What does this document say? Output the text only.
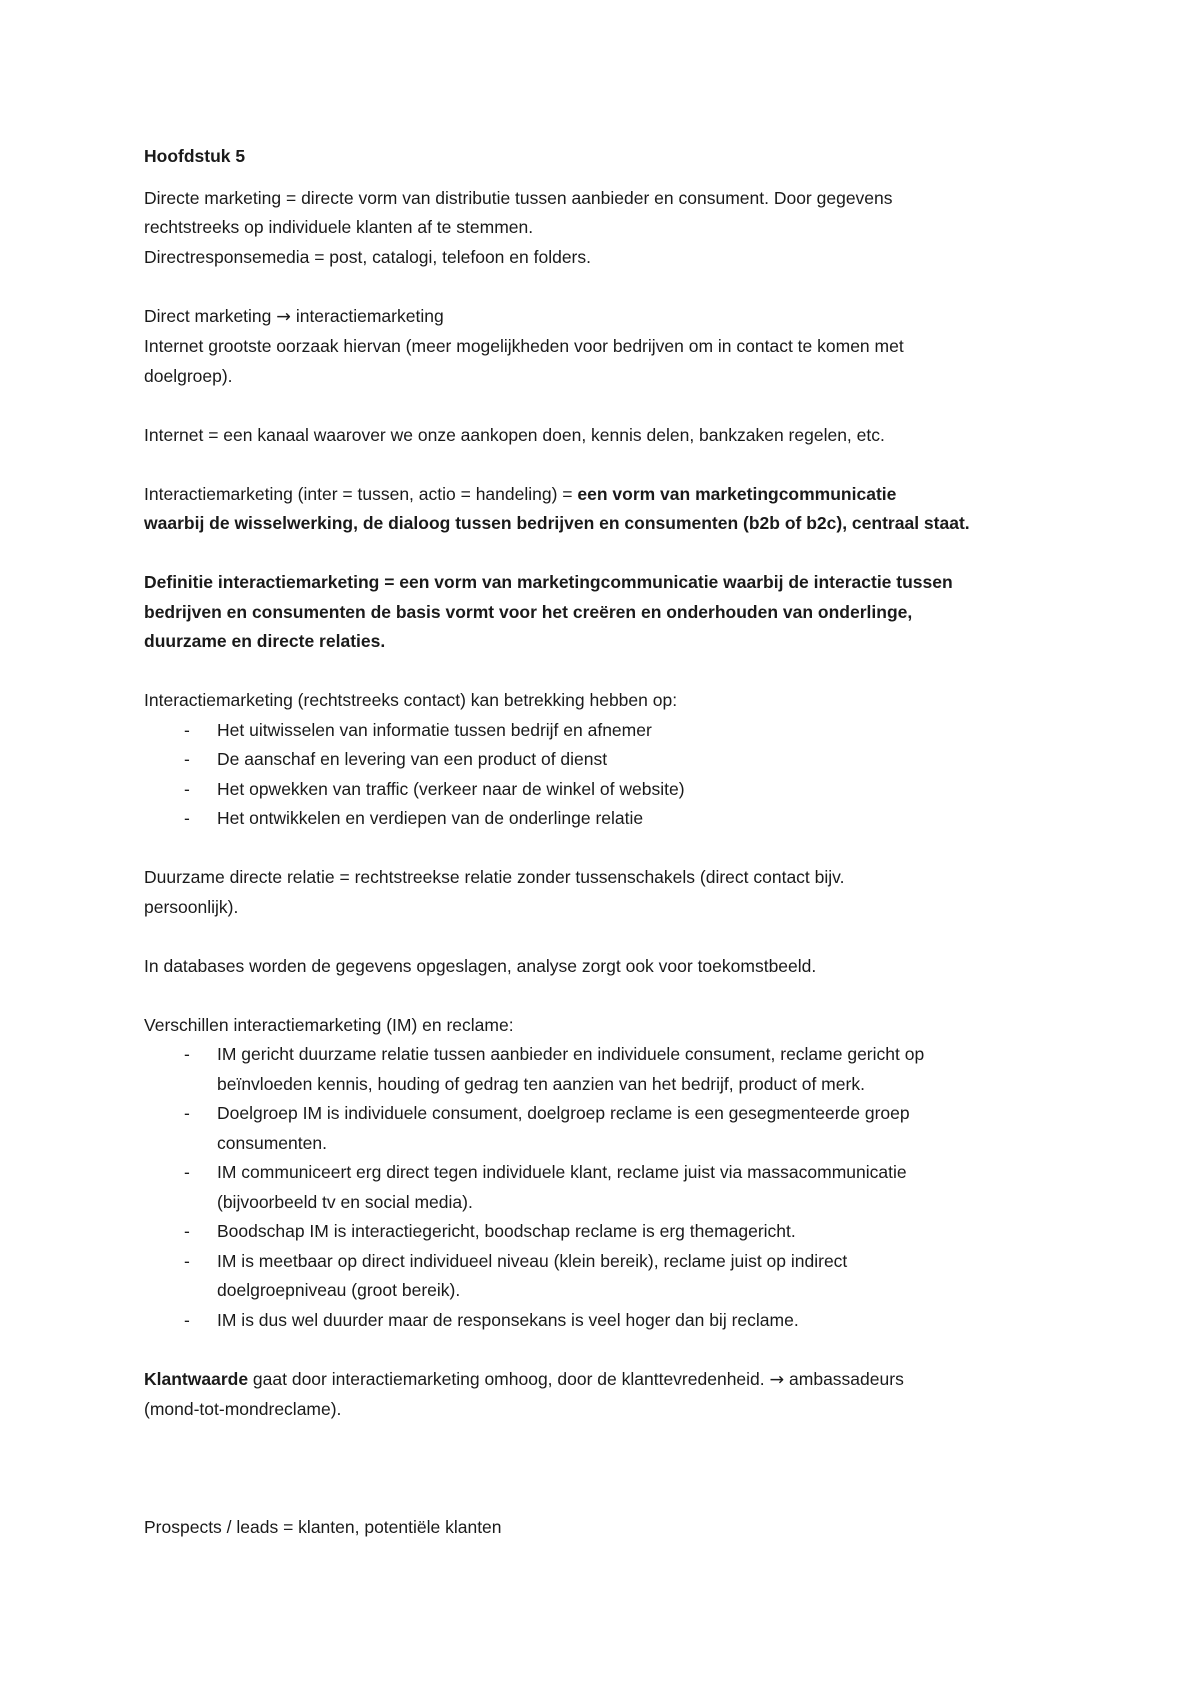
Hoofdstuk 5

Directe marketing = directe vorm van distributie tussen aanbieder en consument. Door gegevens

rechtstreeks op individuele klanten af te stemmen.

Directresponsemedia = post, catalogi, telefoon en folders.

Direct marketing → interactiemarketing

Internet grootste oorzaak hiervan (meer mogelijkheden voor bedrijven om in contact te komen met

doelgroep).

Internet = een kanaal waarover we onze aankopen doen, kennis delen, bankzaken regelen, etc.

Interactiemarketing (inter = tussen, actio = handeling) = een vorm van marketingcommunicatie

waarbij de wisselwerking, de dialoog tussen bedrijven en consumenten (b2b of b2c), centraal staat.

Definitie interactiemarketing = een vorm van marketingcommunicatie waarbij de interactie tussen

bedrijven en consumenten de basis vormt voor het creëren en onderhouden van onderlinge,

duurzame en directe relaties.

Interactiemarketing (rechtstreeks contact) kan betrekking hebben op:

- Het uitwisselen van informatie tussen bedrijf en afnemer
- De aanschaf en levering van een product of dienst
- Het opwekken van traffic (verkeer naar de winkel of website)
- Het ontwikkelen en verdiepen van de onderlinge relatie

Duurzame directe relatie = rechtstreekse relatie zonder tussenschakels (direct contact bijv.

persoonlijk).

In databases worden de gegevens opgeslagen, analyse zorgt ook voor toekomstbeeld.

Verschillen interactiemarketing (IM) en reclame:

- IM gericht duurzame relatie tussen aanbieder en individuele consument, reclame gericht op
beïnvloeden kennis, houding of gedrag ten aanzien van het bedrijf, product of merk.
- Doelgroep IM is individuele consument, doelgroep reclame is een gesegmenteerde groep
consumenten.
- IM communiceert erg direct tegen individuele klant, reclame juist via massacommunicatie
(bijvoorbeeld tv en social media).
- Boodschap IM is interactiegericht, boodschap reclame is erg themagericht.
- IM is meetbaar op direct individueel niveau (klein bereik), reclame juist op indirect
doelgroepniveau (groot bereik).
- IM is dus wel duurder maar de responsekans is veel hoger dan bij reclame.

Klantwaarde gaat door interactiemarketing omhoog, door de klanttevredenheid. → ambassadeurs

(mond-tot-mondreclame).

Prospects / leads = klanten, potentiële klanten
